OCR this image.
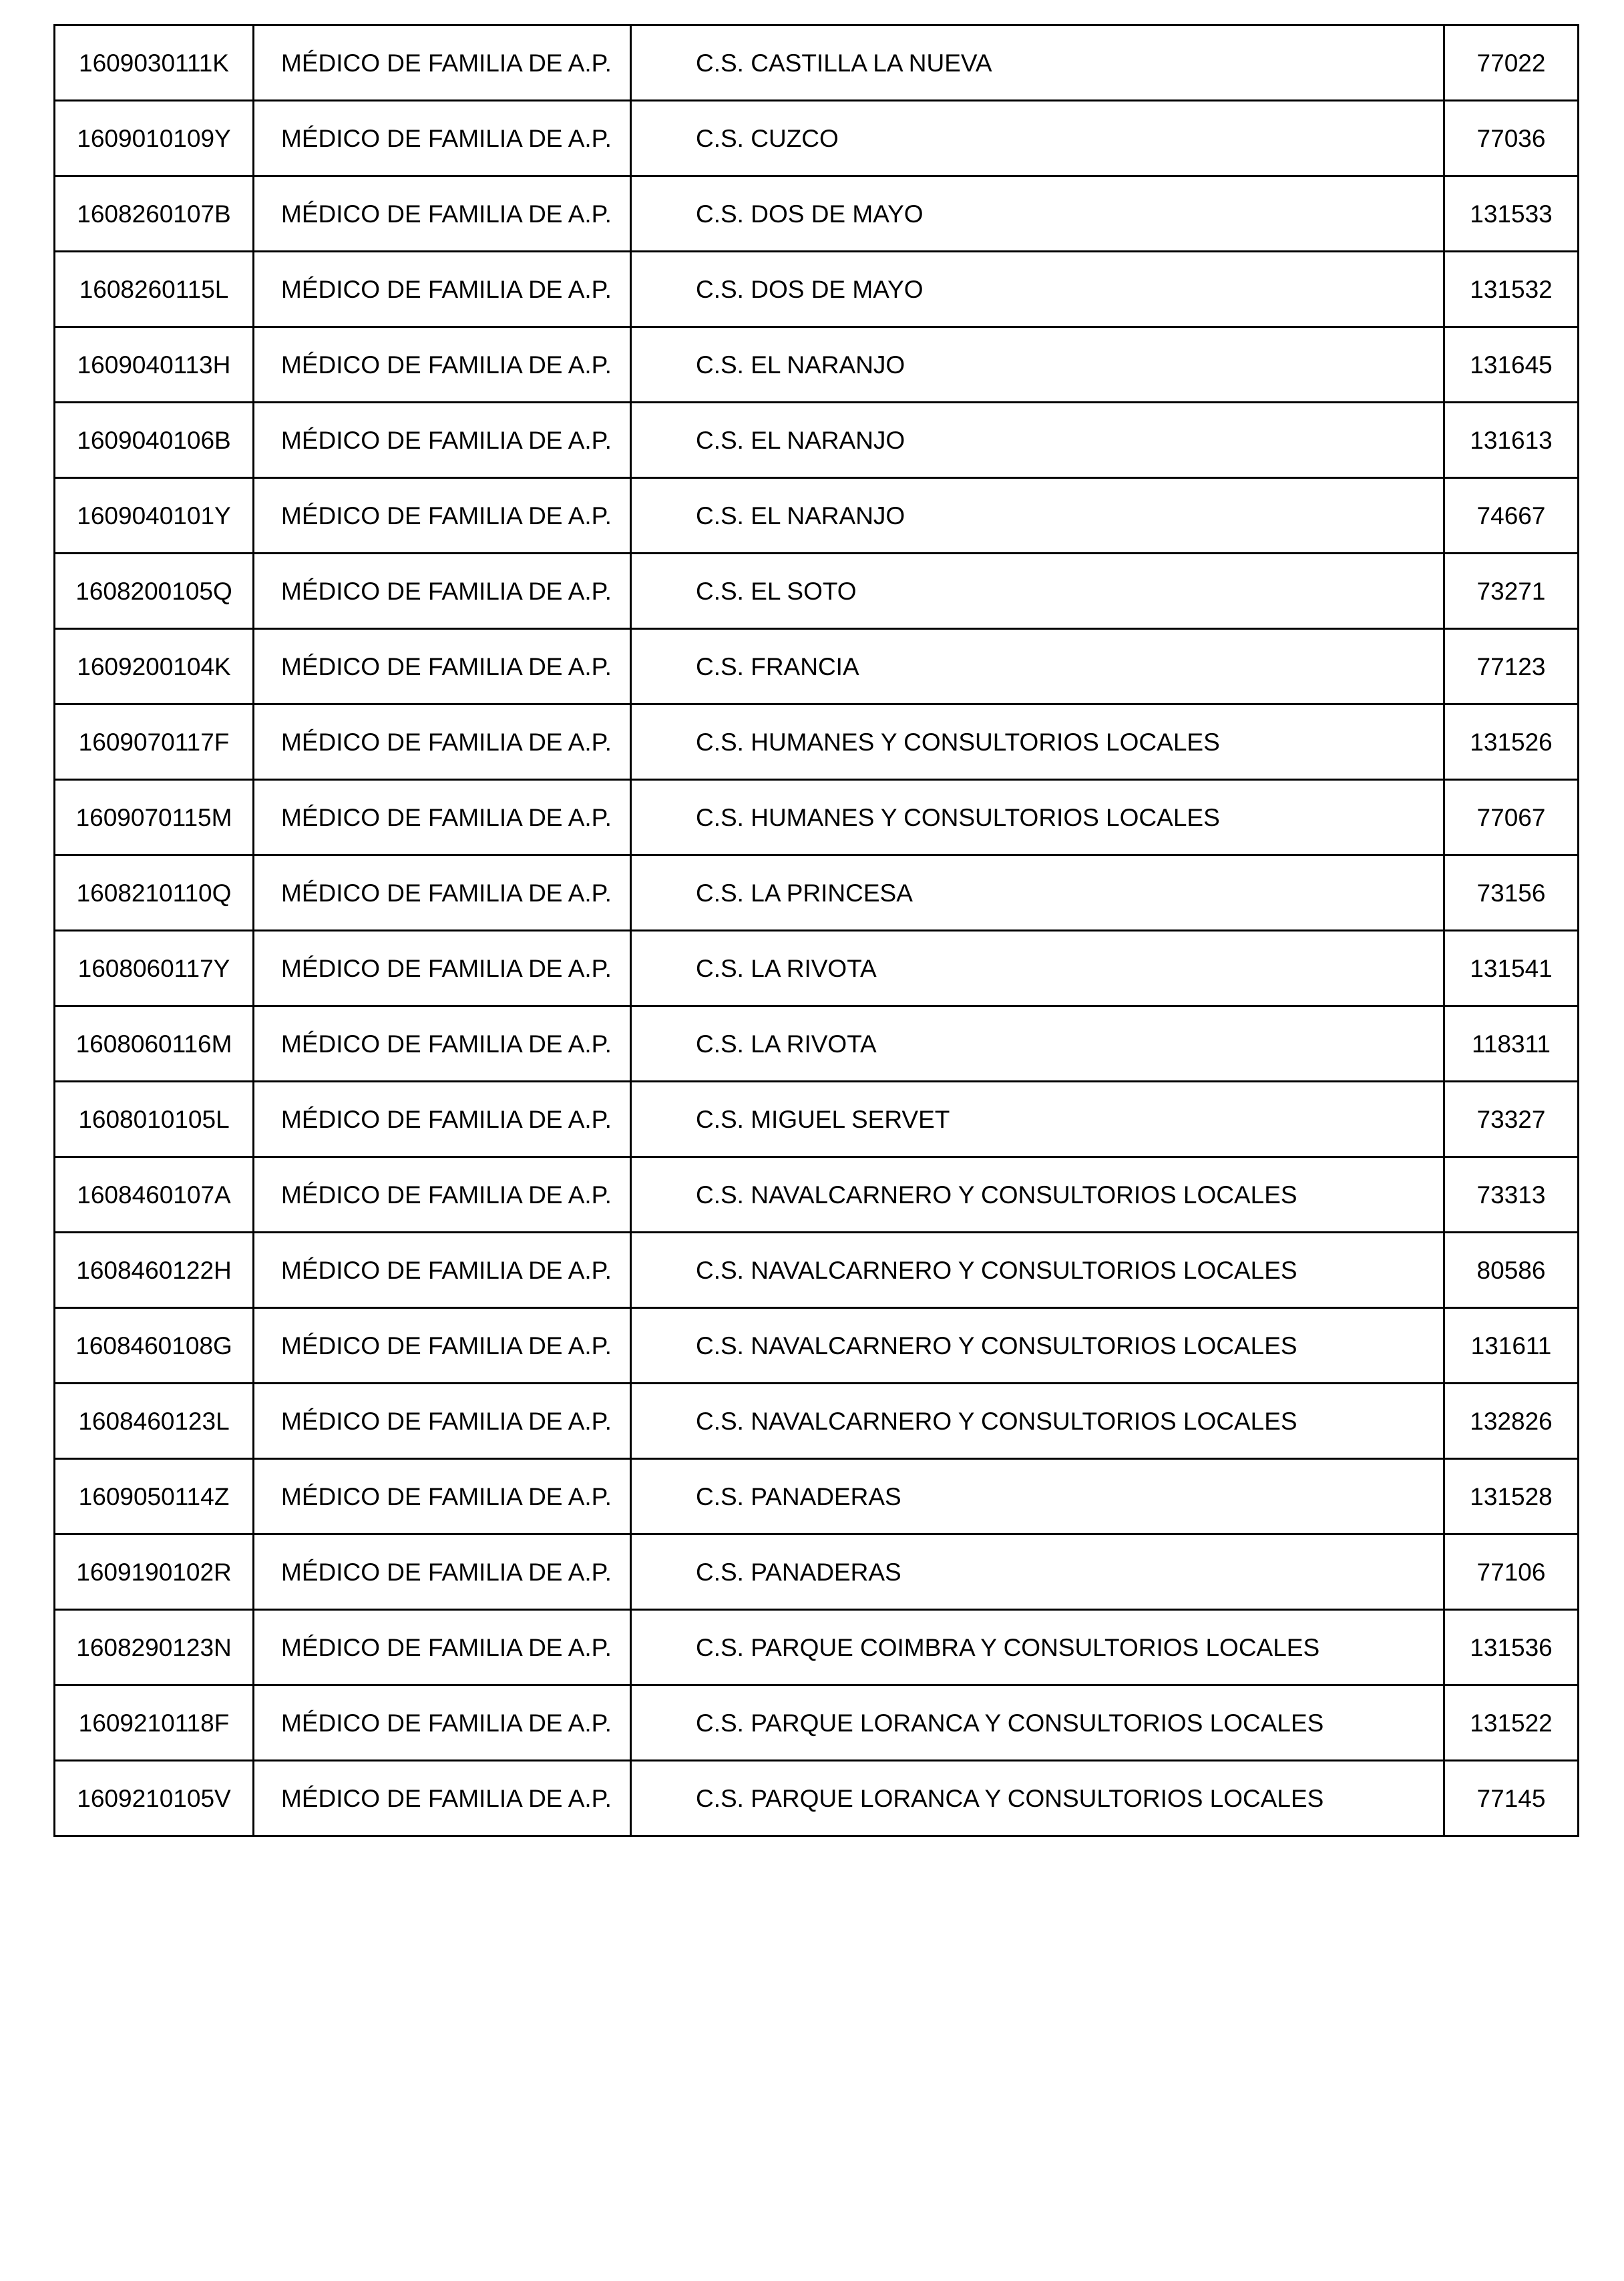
1609030111K	MÉDICO DE FAMILIA DE A.P.	C.S. CASTILLA LA NUEVA	77022
1609010109Y	MÉDICO DE FAMILIA DE A.P.	C.S. CUZCO	77036
1608260107B	MÉDICO DE FAMILIA DE A.P.	C.S. DOS DE MAYO	131533
1608260115L	MÉDICO DE FAMILIA DE A.P.	C.S. DOS DE MAYO	131532
1609040113H	MÉDICO DE FAMILIA DE A.P.	C.S. EL NARANJO	131645
1609040106B	MÉDICO DE FAMILIA DE A.P.	C.S. EL NARANJO	131613
1609040101Y	MÉDICO DE FAMILIA DE A.P.	C.S. EL NARANJO	74667
1608200105Q	MÉDICO DE FAMILIA DE A.P.	C.S. EL SOTO	73271
1609200104K	MÉDICO DE FAMILIA DE A.P.	C.S. FRANCIA	77123
1609070117F	MÉDICO DE FAMILIA DE A.P.	C.S. HUMANES Y CONSULTORIOS LOCALES	131526
1609070115M	MÉDICO DE FAMILIA DE A.P.	C.S. HUMANES Y CONSULTORIOS LOCALES	77067
1608210110Q	MÉDICO DE FAMILIA DE A.P.	C.S. LA PRINCESA	73156
1608060117Y	MÉDICO DE FAMILIA DE A.P.	C.S. LA RIVOTA	131541
1608060116M	MÉDICO DE FAMILIA DE A.P.	C.S. LA RIVOTA	118311
1608010105L	MÉDICO DE FAMILIA DE A.P.	C.S. MIGUEL SERVET	73327
1608460107A	MÉDICO DE FAMILIA DE A.P.	C.S. NAVALCARNERO Y CONSULTORIOS LOCALES	73313
1608460122H	MÉDICO DE FAMILIA DE A.P.	C.S. NAVALCARNERO Y CONSULTORIOS LOCALES	80586
1608460108G	MÉDICO DE FAMILIA DE A.P.	C.S. NAVALCARNERO Y CONSULTORIOS LOCALES	131611
1608460123L	MÉDICO DE FAMILIA DE A.P.	C.S. NAVALCARNERO Y CONSULTORIOS LOCALES	132826
1609050114Z	MÉDICO DE FAMILIA DE A.P.	C.S. PANADERAS	131528
1609190102R	MÉDICO DE FAMILIA DE A.P.	C.S. PANADERAS	77106
1608290123N	MÉDICO DE FAMILIA DE A.P.	C.S. PARQUE COIMBRA Y CONSULTORIOS LOCALES	131536
1609210118F	MÉDICO DE FAMILIA DE A.P.	C.S. PARQUE LORANCA Y CONSULTORIOS LOCALES	131522
1609210105V	MÉDICO DE FAMILIA DE A.P.	C.S. PARQUE LORANCA Y CONSULTORIOS LOCALES	77145
